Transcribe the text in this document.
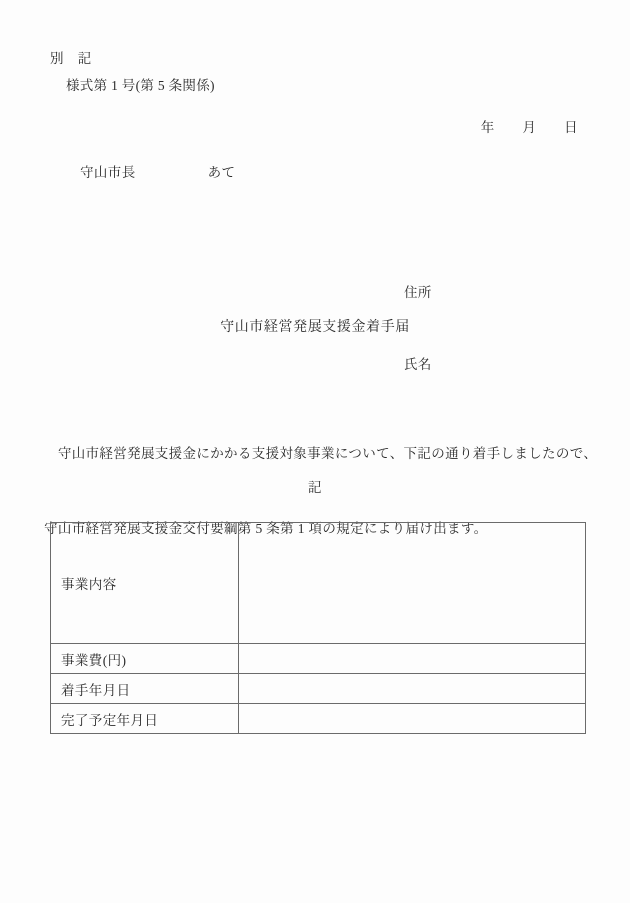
別　記
様式第 1 号(第 5 条関係)
年　　月　　日
守山市長	あて

住所

氏名

守山市経営発展支援金着手届

　守山市経営発展支援金にかかる支援対象事業について、下記の通り着手しましたので、

守山市経営発展支援金交付要綱第 5 条第 1 項の規定により届け出ます。

記
事業内容	
事業費(円)	
着手年月日	
完了予定年月日	
